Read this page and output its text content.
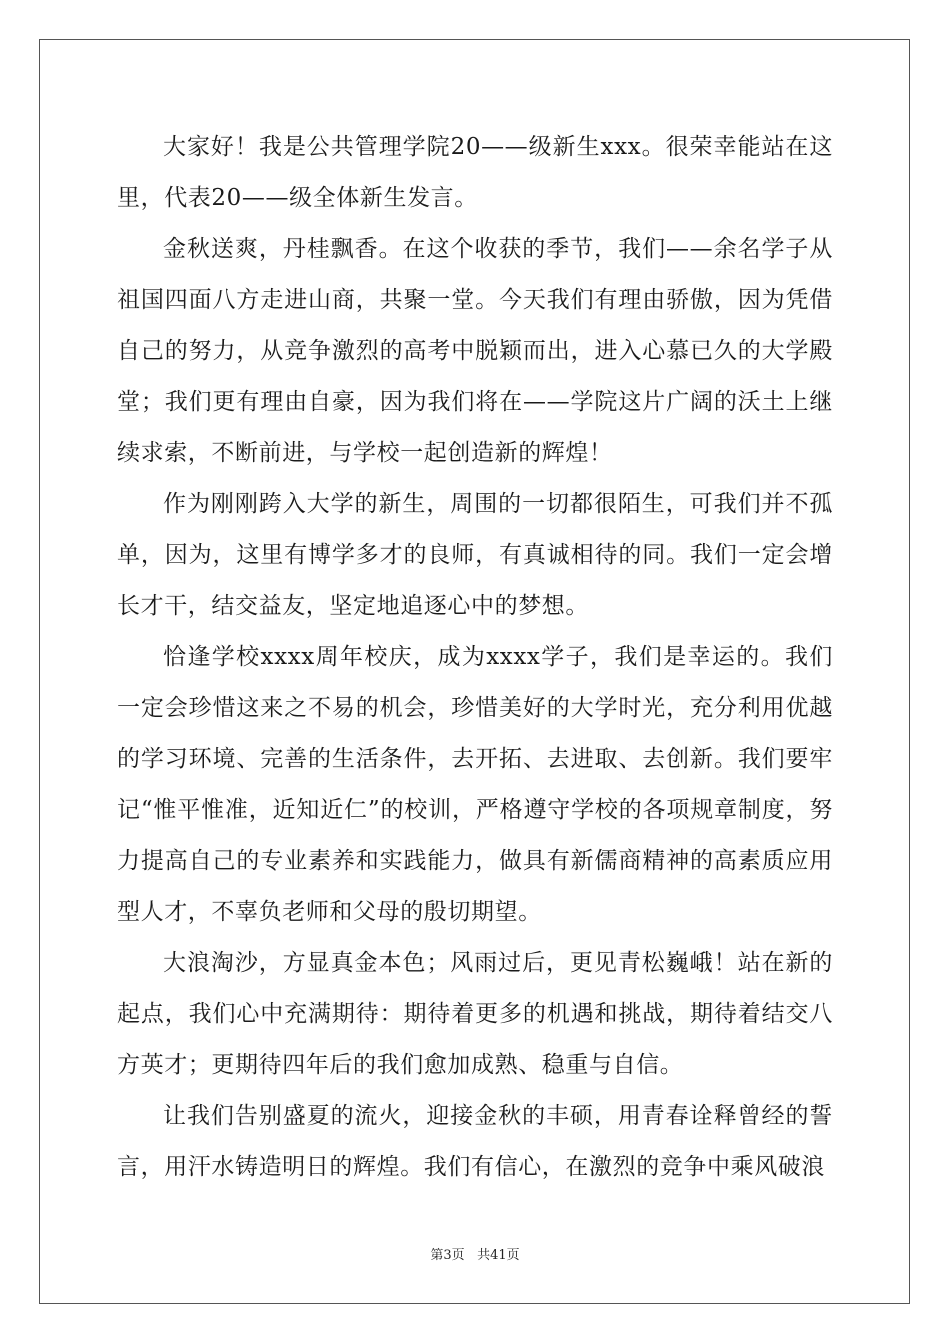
大家好！我是公共管理学院20——级新生xxx。很荣幸能站在这里，代表20——级全体新生发言。

金秋送爽，丹桂飘香。在这个收获的季节，我们——余名学子从祖国四面八方走进山商，共聚一堂。今天我们有理由骄傲，因为凭借自己的努力，从竞争激烈的高考中脱颖而出，进入心慕已久的大学殿堂；我们更有理由自豪，因为我们将在——学院这片广阔的沃土上继续求索，不断前进，与学校一起创造新的辉煌！

作为刚刚跨入大学的新生，周围的一切都很陌生，可我们并不孤单，因为，这里有博学多才的良师，有真诚相待的同。我们一定会增长才干，结交益友，坚定地追逐心中的梦想。

恰逢学校xxxx周年校庆，成为xxxx学子，我们是幸运的。我们一定会珍惜这来之不易的机会，珍惜美好的大学时光，充分利用优越的学习环境、完善的生活条件，去开拓、去进取、去创新。我们要牢记“惟平惟准，近知近仁”的校训，严格遵守学校的各项规章制度，努力提高自己的专业素养和实践能力，做具有新儒商精神的高素质应用型人才，不辜负老师和父母的殷切期望。

大浪淘沙，方显真金本色；风雨过后，更见青松巍峨！站在新的起点，我们心中充满期待：期待着更多的机遇和挑战，期待着结交八方英才；更期待四年后的我们愈加成熟、稳重与自信。

让我们告别盛夏的流火，迎接金秋的丰硕，用青春诠释曾经的誓言，用汗水铸造明日的辉煌。我们有信心，在激烈的竞争中乘风破浪

第3页 共41页
